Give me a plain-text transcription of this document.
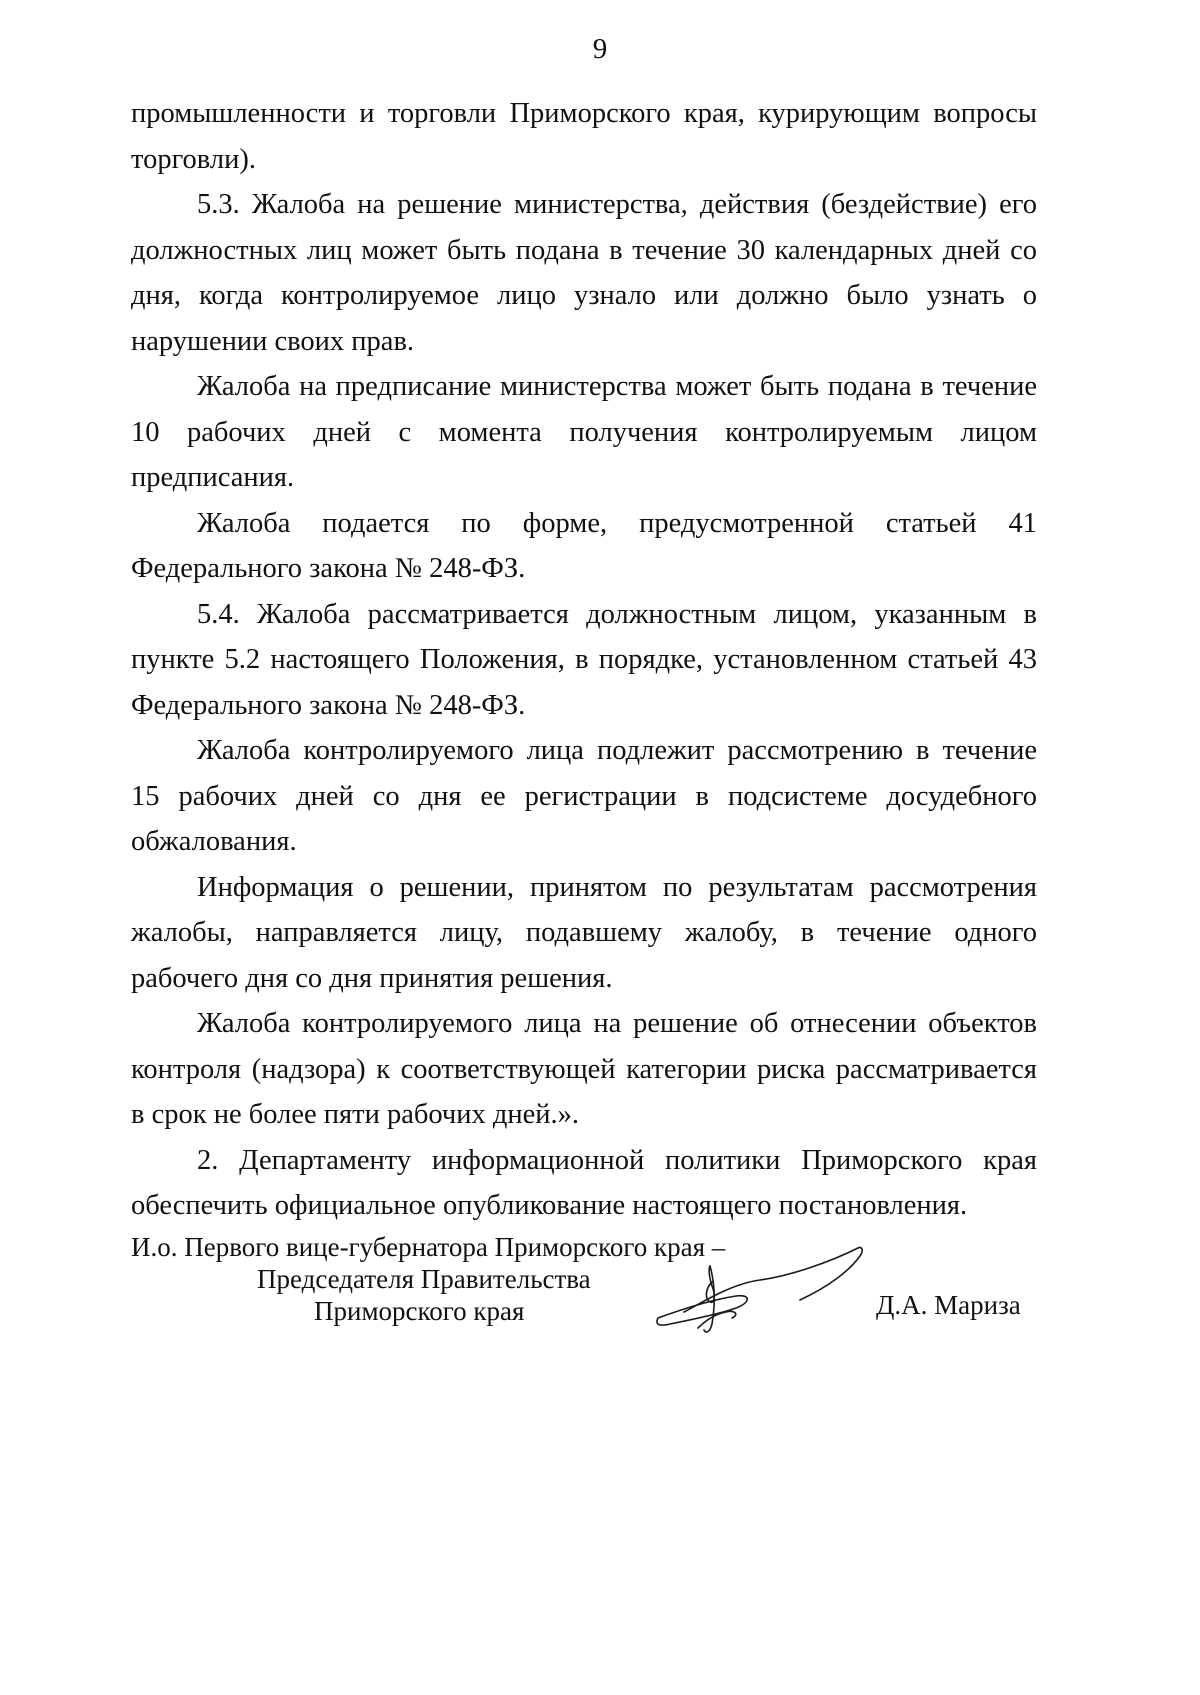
9

промышленности и торговли Приморского края, курирующим вопросы торговли).

5.3. Жалоба на решение министерства, действия (бездействие) его должностных лиц может быть подана в течение 30 календарных дней со дня, когда контролируемое лицо узнало или должно было узнать о нарушении своих прав.

Жалоба на предписание министерства может быть подана в течение 10 рабочих дней с момента получения контролируемым лицом предписания.

Жалоба подается по форме, предусмотренной статьей 41 Федерального закона № 248-ФЗ.

5.4. Жалоба рассматривается должностным лицом, указанным в пункте 5.2 настоящего Положения, в порядке, установленном статьей 43 Федерального закона № 248-ФЗ.

Жалоба контролируемого лица подлежит рассмотрению в течение 15 рабочих дней со дня ее регистрации в подсистеме досудебного обжалования.

Информация о решении, принятом по результатам рассмотрения жалобы, направляется лицу, подавшему жалобу, в течение одного рабочего дня со дня принятия решения.

Жалоба контролируемого лица на решение об отнесении объектов контроля (надзора) к соответствующей категории риска рассматривается в срок не более пяти рабочих дней.».

2. Департаменту информационной политики Приморского края обеспечить официальное опубликование настоящего постановления.

И.о. Первого вице-губернатора Приморского края –
Председателя Правительства
Приморского края	Д.А. Мариза
